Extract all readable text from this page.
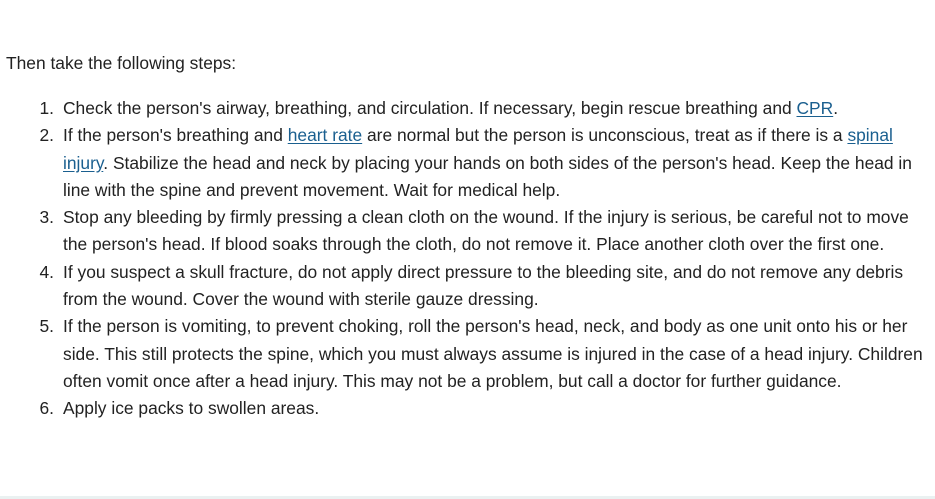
Then take the following steps:

1. Check the person's airway, breathing, and circulation. If necessary, begin rescue breathing and CPR.
2. If the person's breathing and heart rate are normal but the person is unconscious, treat as if there is a spinal injury. Stabilize the head and neck by placing your hands on both sides of the person's head. Keep the head in line with the spine and prevent movement. Wait for medical help.
3. Stop any bleeding by firmly pressing a clean cloth on the wound. If the injury is serious, be careful not to move the person's head. If blood soaks through the cloth, do not remove it. Place another cloth over the first one.
4. If you suspect a skull fracture, do not apply direct pressure to the bleeding site, and do not remove any debris from the wound. Cover the wound with sterile gauze dressing.
5. If the person is vomiting, to prevent choking, roll the person's head, neck, and body as one unit onto his or her side. This still protects the spine, which you must always assume is injured in the case of a head injury. Children often vomit once after a head injury. This may not be a problem, but call a doctor for further guidance.
6. Apply ice packs to swollen areas.
